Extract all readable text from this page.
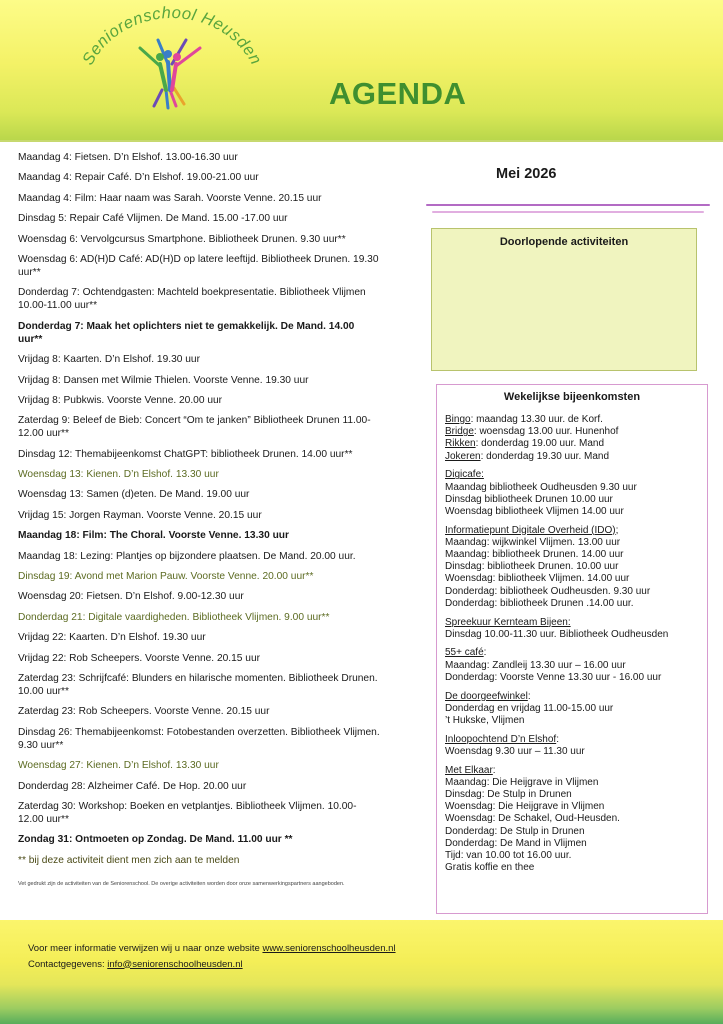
Seniorenschool Heusden
AGENDA
Maandag 4: Fietsen. D’n Elshof. 13.00-16.30 uur
Maandag 4: Repair Café. D’n Elshof. 19.00-21.00 uur
Maandag 4: Film: Haar naam was Sarah. Voorste Venne. 20.15 uur
Dinsdag 5: Repair Café Vlijmen. De Mand. 15.00 -17.00 uur
Woensdag 6: Vervolgcursus Smartphone. Bibliotheek Drunen. 9.30 uur**
Woensdag 6: AD(H)D Café: AD(H)D op latere leeftijd. Bibliotheek Drunen. 19.30 uur**
Donderdag 7: Ochtendgasten: Machteld boekpresentatie. Bibliotheek Vlijmen 10.00-11.00 uur**
Donderdag 7: Maak het oplichters niet te gemakkelijk. De Mand. 14.00 uur**
Vrijdag 8: Kaarten. D’n Elshof. 19.30 uur
Vrijdag 8: Dansen met Wilmie Thielen. Voorste Venne. 19.30 uur
Vrijdag 8: Pubkwis. Voorste Venne. 20.00 uur
Zaterdag 9: Beleef de Bieb: Concert “Om te janken” Bibliotheek Drunen 11.00-12.00 uur**
Dinsdag 12: Themabijeenkomst ChatGPT: bibliotheek Drunen. 14.00 uur**
Woensdag 13: Kienen. D’n Elshof. 13.30 uur
Woensdag 13: Samen (d)eten. De Mand. 19.00 uur
Vrijdag 15: Jorgen Rayman. Voorste Venne. 20.15 uur
Maandag 18: Film: The Choral. Voorste Venne. 13.30 uur
Maandag 18: Lezing: Plantjes op bijzondere plaatsen. De Mand. 20.00 uur.
Dinsdag 19: Avond met Marion Pauw. Voorste Venne. 20.00 uur**
Woensdag 20: Fietsen. D’n Elshof. 9.00-12.30 uur
Donderdag 21: Digitale vaardigheden. Bibliotheek Vlijmen. 9.00 uur**
Vrijdag 22: Kaarten. D’n Elshof. 19.30 uur
Vrijdag 22: Rob Scheepers. Voorste Venne. 20.15 uur
Zaterdag 23: Schrijfcafé: Blunders en hilarische momenten. Bibliotheek Drunen. 10.00 uur**
Zaterdag 23: Rob Scheepers. Voorste Venne. 20.15 uur
Dinsdag 26: Themabijeenkomst: Fotobestanden overzetten. Bibliotheek Vlijmen. 9.30 uur**
Woensdag 27: Kienen. D’n Elshof. 13.30 uur
Donderdag 28: Alzheimer Café. De Hop. 20.00 uur
Zaterdag 30: Workshop: Boeken en vetplantjes. Bibliotheek Vlijmen. 10.00-12.00 uur**
Zondag 31: Ontmoeten op Zondag. De Mand. 11.00 uur **
** bij deze activiteit dient men zich aan te melden
Vet gedrukt zijn de activiteiten van de Seniorenschool. De overige activiteiten worden door onze samenwerkingspartners aangeboden.
Mei 2026
Doorlopende activiteiten
Wekelijkse bijeenkomsten
Bingo: maandag 13.30 uur. de Korf.
Bridge: woensdag 13.00 uur. Hunenhof
Rikken: donderdag 19.00 uur. Mand
Jokeren: donderdag 19.30 uur. Mand
Digicafe:
Maandag bibliotheek Oudheusden 9.30 uur
Dinsdag bibliotheek Drunen 10.00 uur
Woensdag bibliotheek Vlijmen 14.00 uur
Informatiepunt Digitale Overheid (IDO);
Maandag: wijkwinkel Vlijmen. 13.00 uur
Maandag: bibliotheek Drunen. 14.00 uur
Dinsdag: bibliotheek Drunen. 10.00 uur
Woensdag: bibliotheek Vlijmen. 14.00 uur
Donderdag: bibliotheek Oudheusden. 9.30 uur
Donderdag: bibliotheek Drunen .14.00 uur.
Spreekuur Kernteam Bijeen:
Dinsdag 10.00-11.30 uur. Bibliotheek Oudheusden
55+ café:
Maandag: Zandleij 13.30 uur – 16.00 uur
Donderdag: Voorste Venne 13.30 uur - 16.00 uur
De doorgeefwinkel:
Donderdag en vrijdag 11.00-15.00 uur
’t Hukske, Vlijmen
Inloopochtend D’n Elshof:
Woensdag 9.30 uur – 11.30 uur
Met Elkaar:
Maandag: Die Heijgrave in Vlijmen
Dinsdag: De Stulp in Drunen
Woensdag: Die Heijgrave in Vlijmen
Woensdag: De Schakel, Oud-Heusden.
Donderdag: De Stulp in Drunen
Donderdag: De Mand in Vlijmen
Tijd: van 10.00 tot 16.00 uur.
Gratis koffie en thee
Voor meer informatie verwijzen wij u naar onze website www.seniorenschoolheusden.nl
Contactgegevens: info@seniorenschoolheusden.nl
